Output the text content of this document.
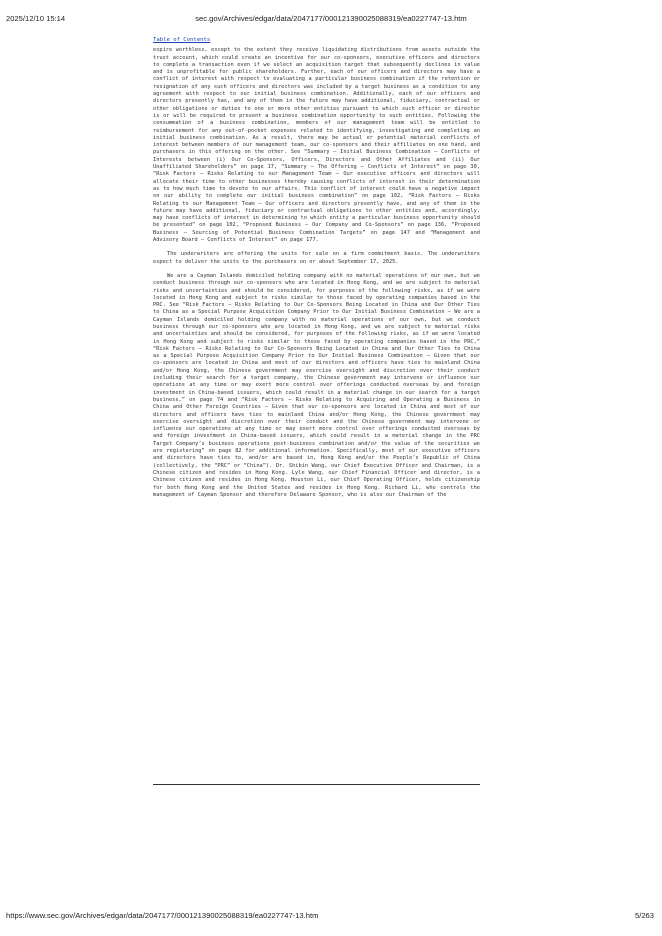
2025/12/10 15:14	sec.gov/Archives/edgar/data/2047177/000121390025088319/ea0227747-13.htm
Table of Contents

expire worthless, except to the extent they receive liquidating distributions from assets outside the trust account, which could create an incentive for our co-sponsors, executive officers and directors to complete a transaction even if we select an acquisition target that subsequently declines in value and is unprofitable for public shareholders. Further, each of our officers and directors may have a conflict of interest with respect to evaluating a particular business combination if the retention or resignation of any such officers and directors was included by a target business as a condition to any agreement with respect to our initial business combination. Additionally, each of our officers and directors presently has, and any of them in the future may have additional, fiduciary, contractual or other obligations or duties to one or more other entities pursuant to which such officer or director is or will be required to present a business combination opportunity to such entities. Following the consummation of a business combination, members of our management team will be entitled to reimbursement for any out-of-pocket expenses related to identifying, investigating and completing an initial business combination. As a result, there may be actual or potential material conflicts of interest between members of our management team, our co-sponsors and their affiliates on one hand, and purchasers in this offering on the other. See “Summary — Initial Business Combination — Conflicts of Interests between (i) Our Co-Sponsors, Officers, Directors and Other Affiliates and (ii) Our Unaffiliated Shareholders” on page 17, “Summary — The Offering — Conflicts of Interest” on page 30, “Risk Factors — Risks Relating to our Management Team — Our executive officers and directors will allocate their time to other businesses thereby causing conflicts of interest in their determination as to how much time to devote to our affairs. This conflict of interest could have a negative impact on our ability to complete our initial business combination” on page 102, “Risk Factors — Risks Relating to our Management Team — Our officers and directors presently have, and any of them in the future may have additional, fiduciary or contractual obligations to other entities and, accordingly, may have conflicts of interest in determining to which entity a particular business opportunity should be presented” on page 102, “Proposed Business — Our Company and Co-Sponsors” on page 136, “Proposed Business — Sourcing of Potential Business Combination Targets” on page 147 and “Management and Advisory Board — Conflicts of Interest” on page 177.

The underwriters are offering the units for sale on a firm commitment basis. The underwriters expect to deliver the units to the purchasers on or about September 17, 2025.

We are a Cayman Islands domiciled holding company with no material operations of our own, but we conduct business through our co-sponsors who are located in Hong Kong, and we are subject to material risks and uncertainties and should be considered, for purposes of the following risks, as if we were located in Hong Kong and subject to risks similar to those faced by operating companies based in the PRC. See “Risk Factors — Risks Relating to Our Co-Sponsors Being Located in China and Our Other Ties to China as a Special Purpose Acquisition Company Prior to Our Initial Business Combination — We are a Cayman Islands domiciled holding company with no material operations of our own, but we conduct business through our co-sponsors who are located in Hong Kong, and we are subject to material risks and uncertainties and should be considered, for purposes of the following risks, as if we were located in Hong Kong and subject to risks similar to those faced by operating companies based in the PRC,” “Risk Factors — Risks Relating to Our Co-Sponsors Being Located in China and Our Other Ties to China as a Special Purpose Acquisition Company Prior to Our Initial Business Combination — Given that our co-sponsors are located in China and most of our directors and officers have ties to mainland China and/or Hong Kong, the Chinese government may exercise oversight and discretion over their conduct including their search for a target company, the Chinese government may intervene or influence our operations at any time or may exert more control over offerings conducted overseas by and foreign investment in China-based issuers, which could result in a material change in our search for a target business,” on page 74 and “Risk Factors — Risks Relating to Acquiring and Operating a Business in China and Other Foreign Countries — Given that our co-sponsors are located in China and most of our directors and officers have ties to mainland China and/or Hong Kong, the Chinese government may exercise oversight and discretion over their conduct and the Chinese government may intervene or influence our operations at any time or may exert more control over offerings conducted overseas by and foreign investment in China-based issuers, which could result in a material change in the PRC Target Company’s business operations post-business combination and/or the value of the securities we are registering” on page 82 for additional information. Specifically, most of our executive officers and directors have ties to, and/or are based in, Hong Kong and/or the People’s Republic of China (collectively, the “PRC” or “China”). Dr. Shibin Wang, our Chief Executive Officer and Chairman, is a Chinese citizen and resides in Hong Kong. Lyle Wang, our Chief Financial Officer and director, is a Chinese citizen and resides in Hong Kong. Houston Li, our Chief Operating Officer, holds citizenship for both Hong Kong and the United States and resides in Hong Kong. Richard Li, who controls the management of Cayman Sponsor and therefore Delaware Sponsor, who is also our Chairman of the

https://www.sec.gov/Archives/edgar/data/2047177/000121390025088319/ea0227747-13.htm	5/263
